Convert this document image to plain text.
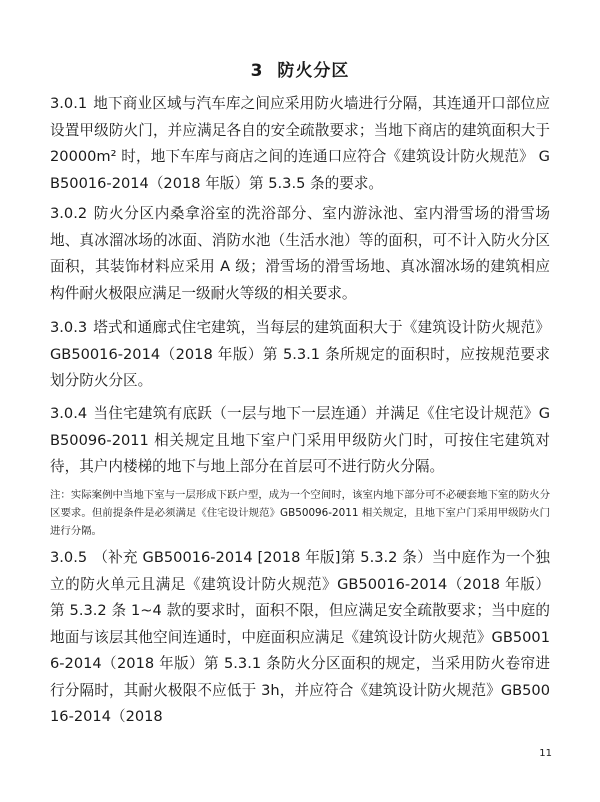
3 防火分区

3.0.1 地下商业区域与汽车库之间应采用防火墙进行分隔，其连通开口部位应设置甲级防火门，并应满足各自的安全疏散要求；当地下商店的建筑面积大于 20000m² 时，地下车库与商店之间的连通口应符合《建筑设计防火规范》 GB50016-2014（2018 年版）第 5.3.5 条的要求。

3.0.2 防火分区内桑拿浴室的洗浴部分、室内游泳池、室内滑雪场的滑雪场地、真冰溜冰场的冰面、消防水池（生活水池）等的面积，可不计入防火分区面积，其装饰材料应采用 A 级；滑雪场的滑雪场地、真冰溜冰场的建筑相应构件耐火极限应满足一级耐火等级的相关要求。

3.0.3 塔式和通廊式住宅建筑，当每层的建筑面积大于《建筑设计防火规范》GB50016-2014（2018 年版）第 5.3.1 条所规定的面积时，应按规范要求划分防火分区。

3.0.4 当住宅建筑有底跃（一层与地下一层连通）并满足《住宅设计规范》GB50096-2011 相关规定且地下室户门采用甲级防火门时，可按住宅建筑对待，其户内楼梯的地下与地上部分在首层可不进行防火分隔。

注：实际案例中当地下室与一层形成下跃户型，成为一个空间时，该室内地下部分可不必硬套地下室的防火分区要求。但前提条件是必须满足《住宅设计规范》GB50096-2011 相关规定，且地下室户门采用甲级防火门进行分隔。

3.0.5 （补充 GB50016-2014 [2018 年版]第 5.3.2 条）当中庭作为一个独立的防火单元且满足《建筑设计防火规范》GB50016-2014（2018 年版）第 5.3.2 条 1~4 款的要求时，面积不限，但应满足安全疏散要求；当中庭的地面与该层其他空间连通时，中庭面积应满足《建筑设计防火规范》GB50016-2014（2018 年版）第 5.3.1 条防火分区面积的规定，当采用防火卷帘进行分隔时，其耐火极限不应低于 3h，并应符合《建筑设计防火规范》GB50016-2014（2018

11
